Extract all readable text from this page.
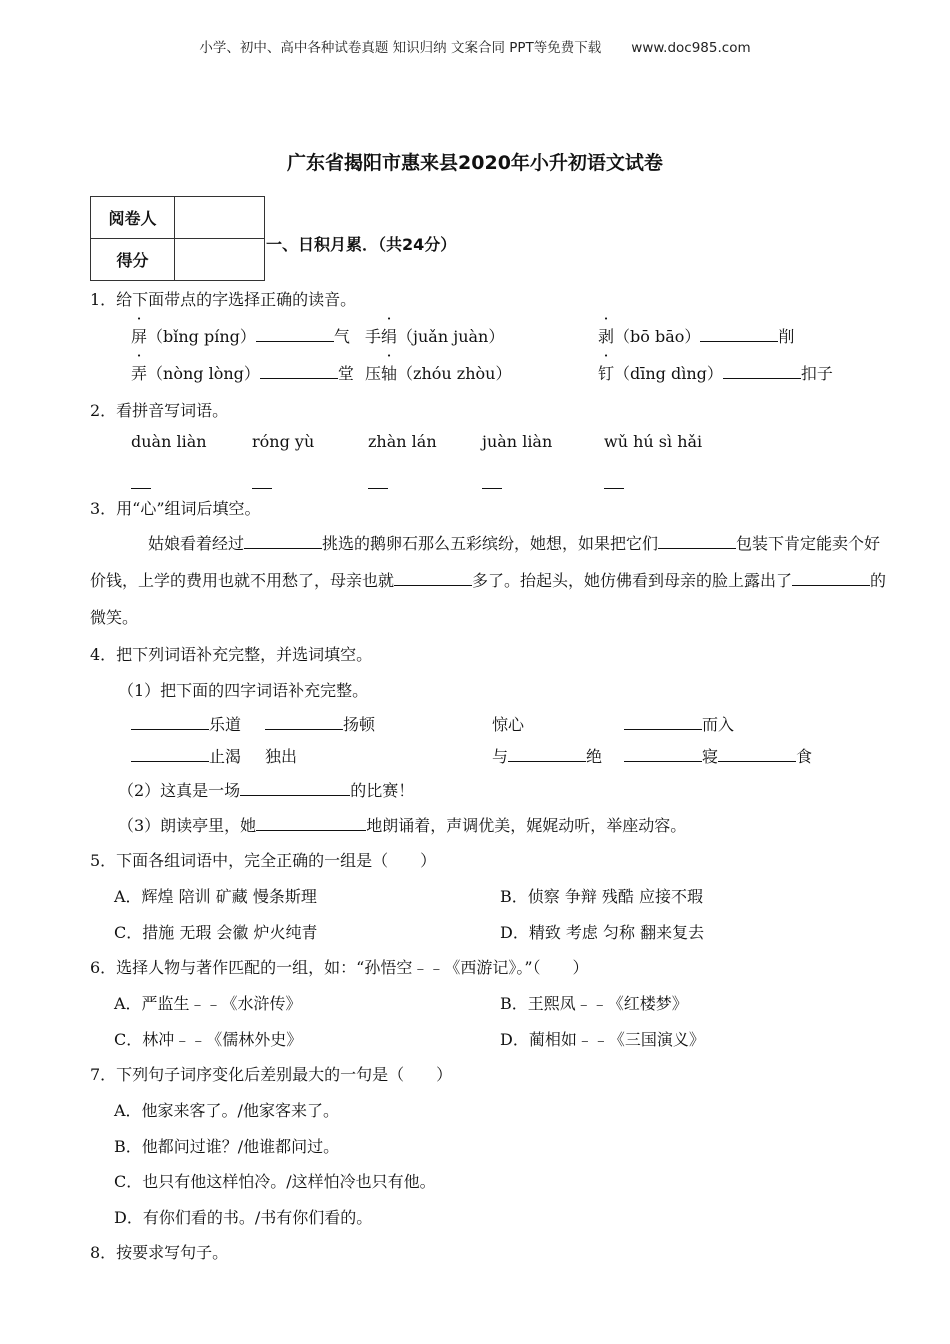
小学、初中、高中各种试卷真题 知识归纳 文案合同 PPT等免费下载 www.doc985.com
广东省揭阳市惠来县2020年小升初语文试卷
阅卷人	
得分	
一、日积月累．（共24分）
1．给下面带点的字选择正确的读音。
屏（bǐng píng）	气 手绢（juǎn juàn）	剥（bō bāo）	削
弄（nòng lòng）	堂 压轴（zhóu zhòu）	钉（dīng dìng）	扣子
2．看拼音写词语。
duàn liàn	róng yù	zhàn lán	juàn liàn	wǔ hú sì hǎi
3．用“心”组词后填空。
姑娘看着经过	挑选的鹅卵石那么五彩缤纷，她想，如果把它们	包装下肯定能卖个好价钱，上学的费用也就不用愁了，母亲也就	多了。抬起头，她仿佛看到母亲的脸上露出了	的微笑。
4．把下列词语补充完整，并选词填空。
（1）把下面的四字词语补充完整。
乐道	扬顿	惊心	而入
止渴 独出	与	绝	寝	食
（2）这真是一场	的比赛！
（3）朗读亭里，她	地朗诵着，声调优美，娓娓动听，举座动容。
5．下面各组词语中，完全正确的一组是（　　）
A．辉煌 陪训 矿藏 慢条斯理	B．侦察 争辩 残酷 应接不瑕
C．措施 无瑕 会徽 炉火纯青	D．精致 考虑 匀称 翻来复去
6．选择人物与著作匹配的一组，如：“孙悟空﹣﹣《西游记》。”（　　）
A．严监生﹣﹣《水浒传》	B．王熙凤﹣﹣《红楼梦》
C．林冲﹣﹣《儒林外史》	D．蔺相如﹣﹣《三国演义》
7．下列句子词序变化后差别最大的一句是（　　）
A．他家来客了。/他家客来了。
B．他都问过谁？/他谁都问过。
C．也只有他这样怕冷。/这样怕冷也只有他。
D．有你们看的书。/书有你们看的。
8．按要求写句子。
